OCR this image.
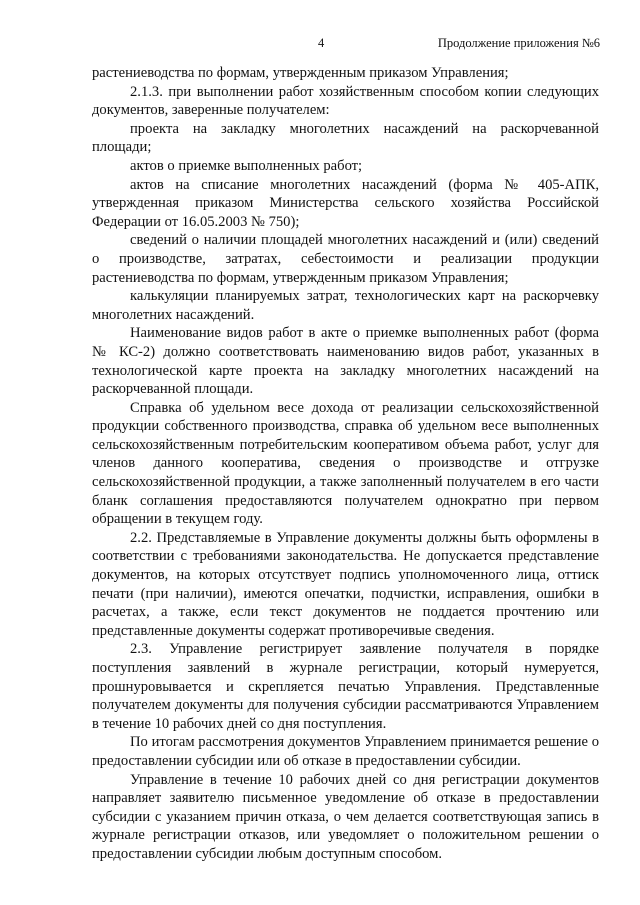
4	Продолжение приложения №6

растениеводства по формам, утвержденным приказом Управления;

2.1.3. при выполнении работ хозяйственным способом копии следующих документов, заверенные получателем:

проекта на закладку многолетних насаждений на раскорчеванной площади;

актов о приемке выполненных работ;

актов на списание многолетних насаждений (форма № 405-АПК, утвержденная приказом Министерства сельского хозяйства Российской Федерации от 16.05.2003 № 750);

сведений о наличии площадей многолетних насаждений и (или) сведений о производстве, затратах, себестоимости и реализации продукции растениеводства по формам, утвержденным приказом Управления;

калькуляции планируемых затрат, технологических карт на раскорчевку многолетних насаждений.

Наименование видов работ в акте о приемке выполненных работ (форма № КС-2) должно соответствовать наименованию видов работ, указанных в технологической карте проекта на закладку многолетних насаждений на раскорчеванной площади.

Справка об удельном весе дохода от реализации сельскохозяйственной продукции собственного производства, справка об удельном весе выполненных сельскохозяйственным потребительским кооперативом объема работ, услуг для членов данного кооператива, сведения о производстве и отгрузке сельскохозяйственной продукции, а также заполненный получателем в его части бланк соглашения предоставляются получателем однократно при первом обращении в текущем году.

2.2. Представляемые в Управление документы должны быть оформлены в соответствии с требованиями законодательства. Не допускается представление документов, на которых отсутствует подпись уполномоченного лица, оттиск печати (при наличии), имеются опечатки, подчистки, исправления, ошибки в расчетах, а также, если текст документов не поддается прочтению или представленные документы содержат противоречивые сведения.

2.3. Управление регистрирует заявление получателя в порядке поступления заявлений в журнале регистрации, который нумеруется, прошнуровывается и скрепляется печатью Управления. Представленные получателем документы для получения субсидии рассматриваются Управлением в течение 10 рабочих дней со дня поступления.

По итогам рассмотрения документов Управлением принимается решение о предоставлении субсидии или об отказе в предоставлении субсидии.

Управление в течение 10 рабочих дней со дня регистрации документов направляет заявителю письменное уведомление об отказе в предоставлении субсидии с указанием причин отказа, о чем делается соответствующая запись в журнале регистрации отказов, или уведомляет о положительном решении о предоставлении субсидии любым доступным способом.
